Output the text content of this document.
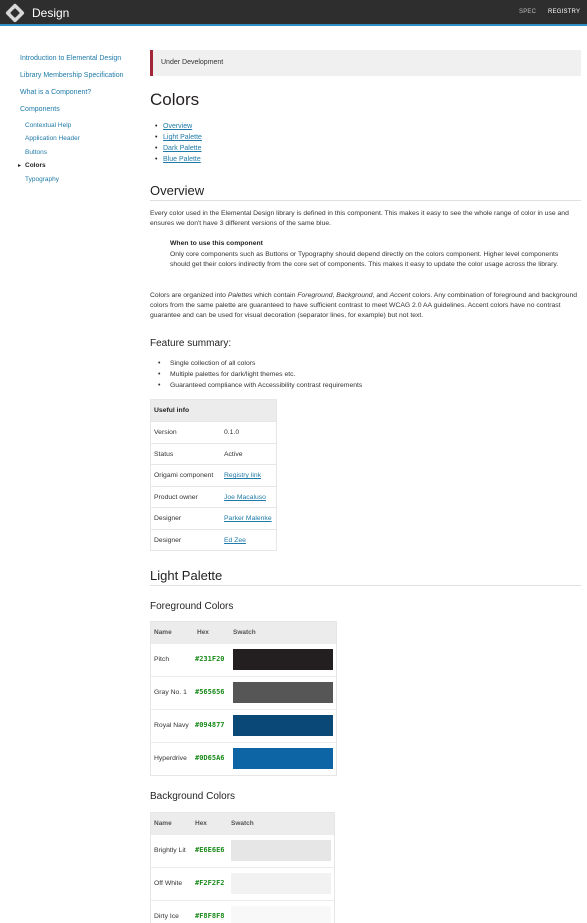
Design	SPEC REGISTRY
Introduction to Elemental Design
Library Membership Specification
What is a Component?
Components
Contextual Help
Application Header
Buttons
▸ Colors
Typography
Under Development
Colors
• Overview
• Light Palette
• Dark Palette
• Blue Palette
Overview

Every color used in the Elemental Design library is defined in this component. This makes it easy to see the whole range of color in use and ensures we don't have 3 different versions of the same blue.

When to use this component
Only core components such as Buttons or Typography should depend directly on the colors component. Higher level components should get their colors indirectly from the core set of components. This makes it easy to update the color usage across the library.

Colors are organized into Palettes which contain Foreground, Background, and Accent colors. Any combination of foreground and background colors from the same palette are guaranteed to have sufficient contrast to meet WCAG 2.0 AA guidelines. Accent colors have no contrast guarantee and can be used for visual decoration (separator lines, for example) but not text.

Feature summary:
• Single collection of all colors
• Multiple palettes for dark/light themes etc.
• Guaranteed compliance with Accessibility contrast requirements
Useful info
Version	0.1.0
Status	Active
Origami component Registry link
Product owner	Joe Macaluso
Designer	Parker Malenke
Designer	Ed Zee
Light Palette
Foreground Colors
Name	Hex	Swatch
Pitch	#231F20
Gray No. 1 #565656
Royal Navy #094877
Hyperdrive #0D65A6
Background Colors
Name	Hex	Swatch
Brightly Lit #E6E6E6
Off White #F2F2F2
Dirty Ice #F8F8F8
